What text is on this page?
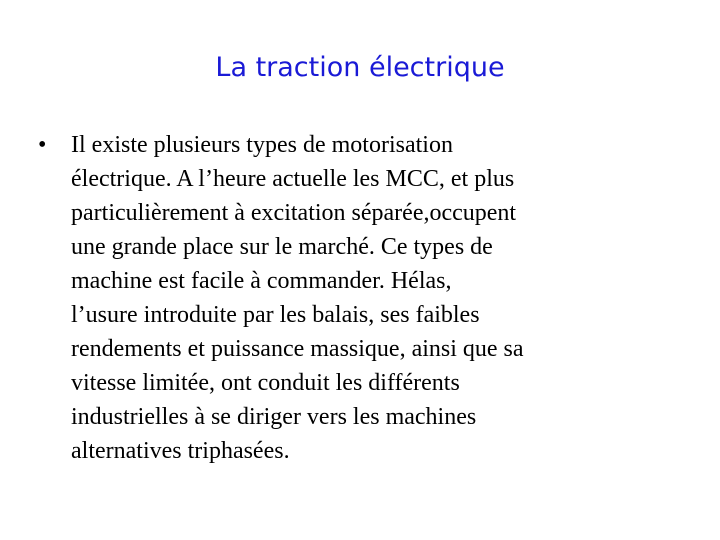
La traction électrique
• Il existe plusieurs types de motorisation
électrique. A l’heure actuelle les MCC, et plus
particulièrement à excitation séparée,occupent
une grande place sur le marché. Ce types de
machine est facile à commander. Hélas,
l’usure introduite par les balais, ses faibles
rendements et puissance massique, ainsi que sa
vitesse limitée, ont conduit les différents
industrielles à se diriger vers les machines
alternatives triphasées.
